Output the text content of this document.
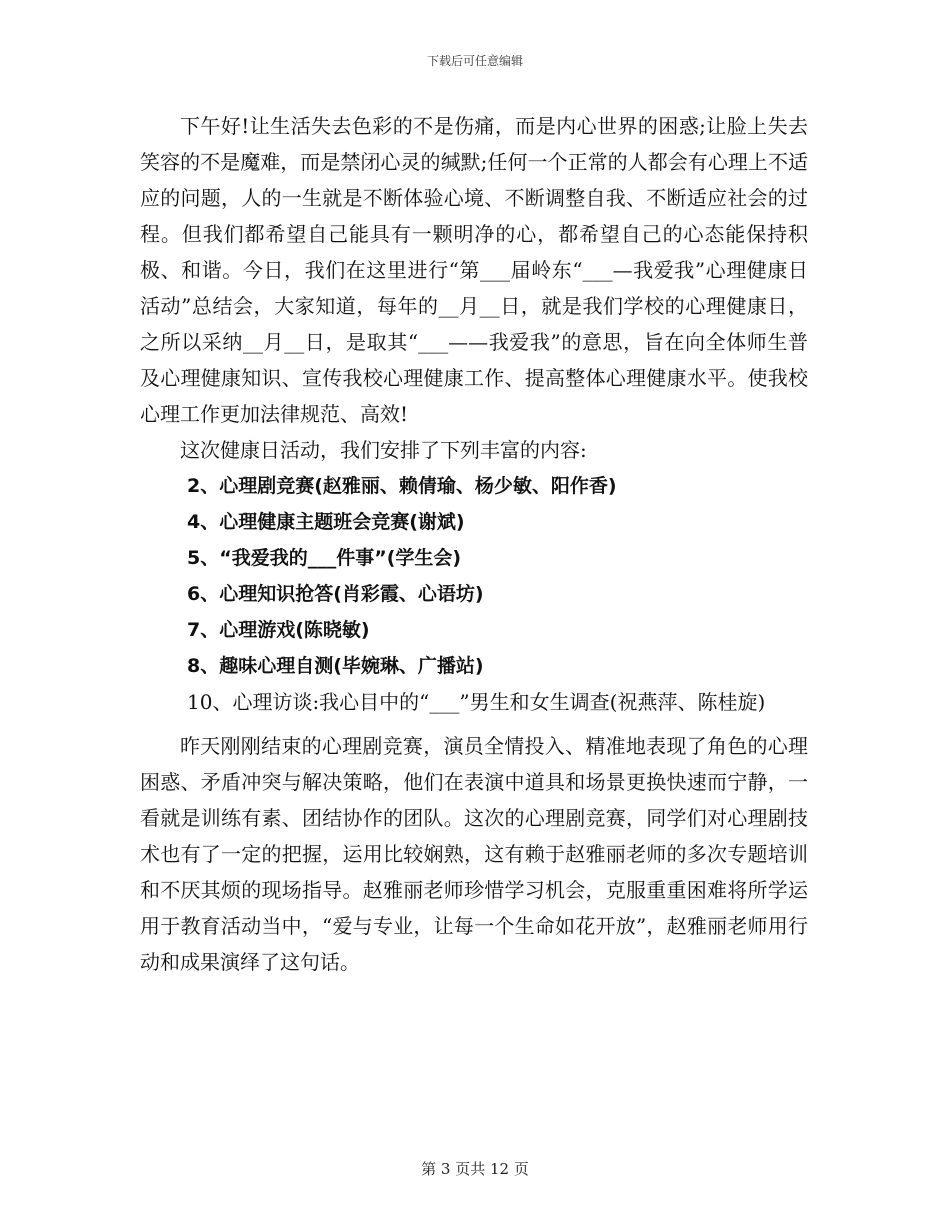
下载后可任意编辑

下午好!让生活失去色彩的不是伤痛，而是内心世界的困惑;让脸上失去笑容的不是魔难，而是禁闭心灵的缄默;任何一个正常的人都会有心理上不适应的问题，人的一生就是不断体验心境、不断调整自我、不断适应社会的过程。但我们都希望自己能具有一颗明净的心，都希望自己的心态能保持积极、和谐。今日，我们在这里进行“第___届岭东“___—我爱我”心理健康日活动”总结会，大家知道，每年的__月__日，就是我们学校的心理健康日，之所以采纳__月__日，是取其“___——我爱我”的意思，旨在向全体师生普及心理健康知识、宣传我校心理健康工作、提高整体心理健康水平。使我校心理工作更加法律规范、高效!

这次健康日活动，我们安排了下列丰富的内容:

2、心理剧竞赛(赵雅丽、赖倩瑜、杨少敏、阳作香)

4、心理健康主题班会竞赛(谢斌)

5、“我爱我的___件事”(学生会)

6、心理知识抢答(肖彩霞、心语坊)

7、心理游戏(陈晓敏)

8、趣味心理自测(毕婉琳、广播站)

10、心理访谈:我心目中的“___”男生和女生调查(祝燕萍、陈桂旋)

昨天刚刚结束的心理剧竞赛，演员全情投入、精准地表现了角色的心理困惑、矛盾冲突与解决策略，他们在表演中道具和场景更换快速而宁静，一看就是训练有素、团结协作的团队。这次的心理剧竞赛，同学们对心理剧技术也有了一定的把握，运用比较娴熟，这有赖于赵雅丽老师的多次专题培训和不厌其烦的现场指导。赵雅丽老师珍惜学习机会，克服重重困难将所学运用于教育活动当中，“爱与专业，让每一个生命如花开放”，赵雅丽老师用行动和成果演绎了这句话。

第 3 页共 12 页
